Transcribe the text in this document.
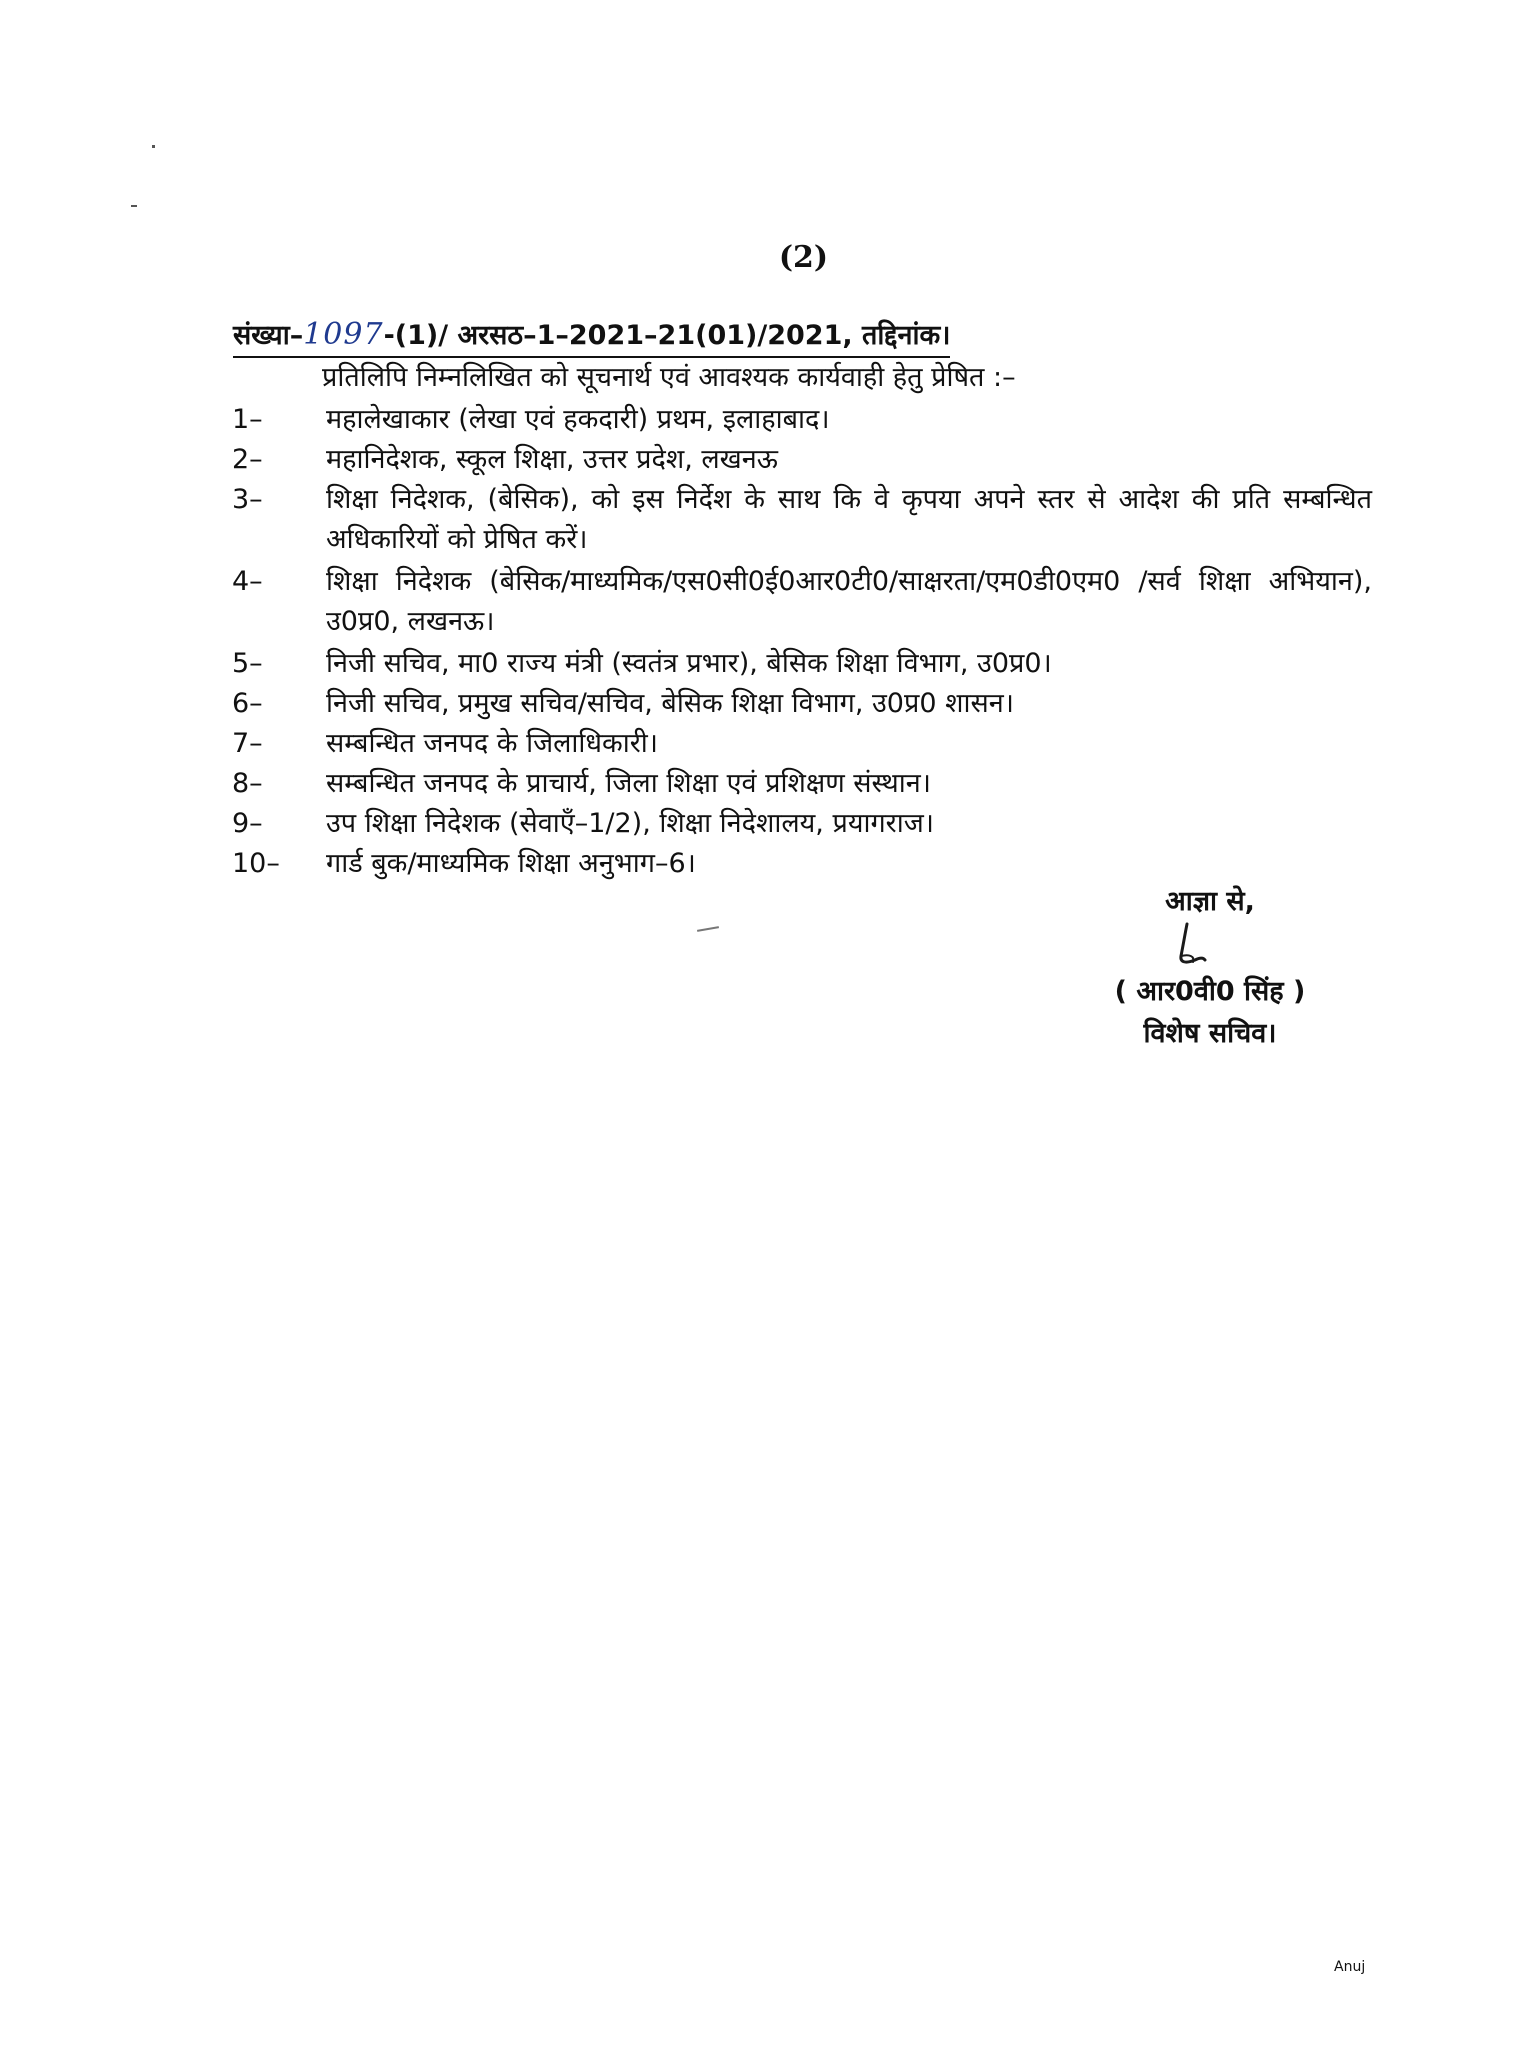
(2)
संख्या–1097-(1)/ अरसठ–1–2021–21(01)/2021, तद्दिनांक।
प्रतिलिपि निम्नलिखित को सूचनार्थ एवं आवश्यक कार्यवाही हेतु प्रेषित :–
1–	महालेखाकार (लेखा एवं हकदारी) प्रथम, इलाहाबाद।
2–	महानिदेशक, स्कूल शिक्षा, उत्तर प्रदेश, लखनऊ
3–	शिक्षा निदेशक, (बेसिक), को इस निर्देश के साथ कि वे कृपया अपने स्तर से आदेश की प्रति सम्बन्धित अधिकारियों को प्रेषित करें।
4–	शिक्षा निदेशक (बेसिक/माध्यमिक/एस0सी0ई0आर0टी0/साक्षरता/एम0डी0एम0 /सर्व शिक्षा अभियान), उ0प्र0, लखनऊ।
5–	निजी सचिव, मा0 राज्य मंत्री (स्वतंत्र प्रभार), बेसिक शिक्षा विभाग, उ0प्र0।
6–	निजी सचिव, प्रमुख सचिव/सचिव, बेसिक शिक्षा विभाग, उ0प्र0 शासन।
7–	सम्बन्धित जनपद के जिलाधिकारी।
8–	सम्बन्धित जनपद के प्राचार्य, जिला शिक्षा एवं प्रशिक्षण संस्थान।
9–	उप शिक्षा निदेशक (सेवाएँ–1/2), शिक्षा निदेशालय, प्रयागराज।
10–	गार्ड बुक/माध्यमिक शिक्षा अनुभाग–6।
आज्ञा से,
( आर0वी0 सिंह )
विशेष सचिव।
Anuj
